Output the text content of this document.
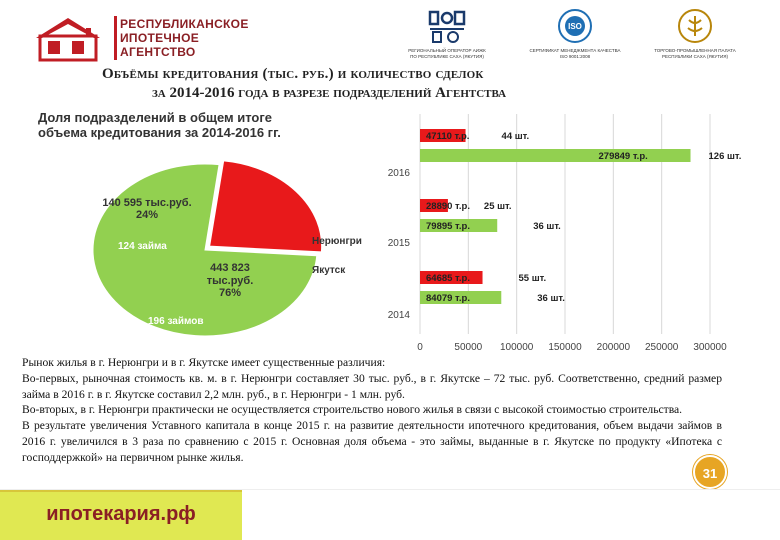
РЕСПУБЛИКАНСКОЕ
ИПОТЕЧНОЕ
АГЕНТСТВО	РЕГИОНАЛЬНЫЙ ОПЕРАТОР АИЖК
ПО РЕСПУБЛИКЕ САХА (ЯКУТИЯ)
ISO
СЕРТИФИКАТ МЕНЕДЖМЕНТА КАЧЕСТВА
ISO 9001:2008
ТОРГОВО-ПРОМЫШЛЕННАЯ ПАЛАТА
РЕСПУБЛИКИ САХА (ЯКУТИЯ)
Объёмы кредитования (тыс. руб.) и количество сделок
за 2014-2016 года в разрезе подразделений Агентства
Доля подразделений в общем итоге объема кредитования за 2014-2016 гг.
140 595 тыс.руб.
24%
124 займа
443 823 тыс.руб.
76%
196 займов
Нерюнгри
Якутск
0	50000 100000 150000 200000 250000 300000
2016
47110 т.р.	44 шт.
279849 т.р.	126 шт.
2015
28890 т.р. 25 шт.
79895 т.р.	36 шт.
2014
64685 т.р.	55 шт.
84079 т.р.	36 шт.

Рынок жилья в г. Нерюнгри и в г. Якутске имеет существенные различия:

Во-первых, рыночная стоимость кв. м. в г. Нерюнгри составляет 30 тыс. руб., в г. Якутске – 72 тыс. руб. Соответственно, средний размер займа в 2016 г. в г. Якутске составил 2,2 млн. руб., в г. Нерюнгри - 1 млн. руб.

Во-вторых, в г. Нерюнгри практически не осуществляется строительство нового жилья в связи с высокой стоимостью строительства.

В результате увеличения Уставного капитала в конце 2015 г. на развитие деятельности ипотечного кредитования, объем выдачи займов в 2016 г. увеличился в 3 раза по сравнению с 2015 г. Основная доля объема - это займы, выданные в г. Якутске по продукту «Ипотека с господдержкой» на первичном рынке жилья.

31
ипотекария.рф
